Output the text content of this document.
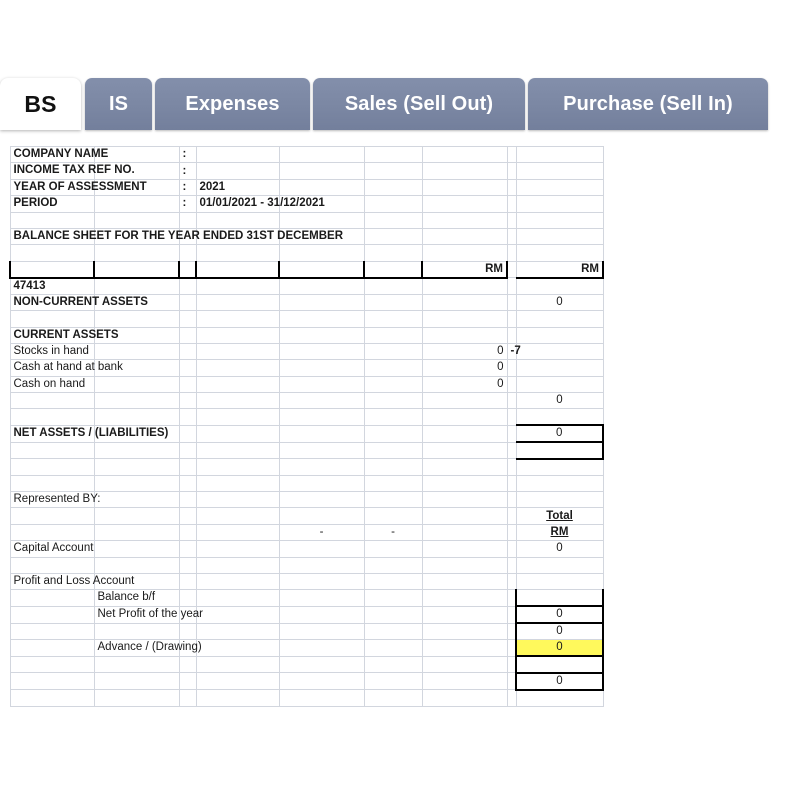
BS	IS	Expenses	Sales (Sell Out)	Purchase (Sell In)
COMPANY NAME		:						

INCOME TAX REF NO.		:						

YEAR OF ASSESSMENT		:	2021					

PERIOD		:	01/01/2021 - 31/12/2021					

BALANCE SHEET FOR THE YEAR ENDED 31ST DECEMBER								

						RM		RM
47413								

NON-CURRENT ASSETS								0

CURRENT ASSETS								

Stocks in hand						0	-7	

Cash at hand at bank						0		

Cash on hand						0		
								0

NET ASSETS / (LIABILITIES)								0

Represented BY:								

								Total
				-	-			RM

Capital Account								0

Profit and Loss Account								

	Balance b/f							

	Net Profit of the year							0
								0

	Advance / (Drawing)							0

								0
